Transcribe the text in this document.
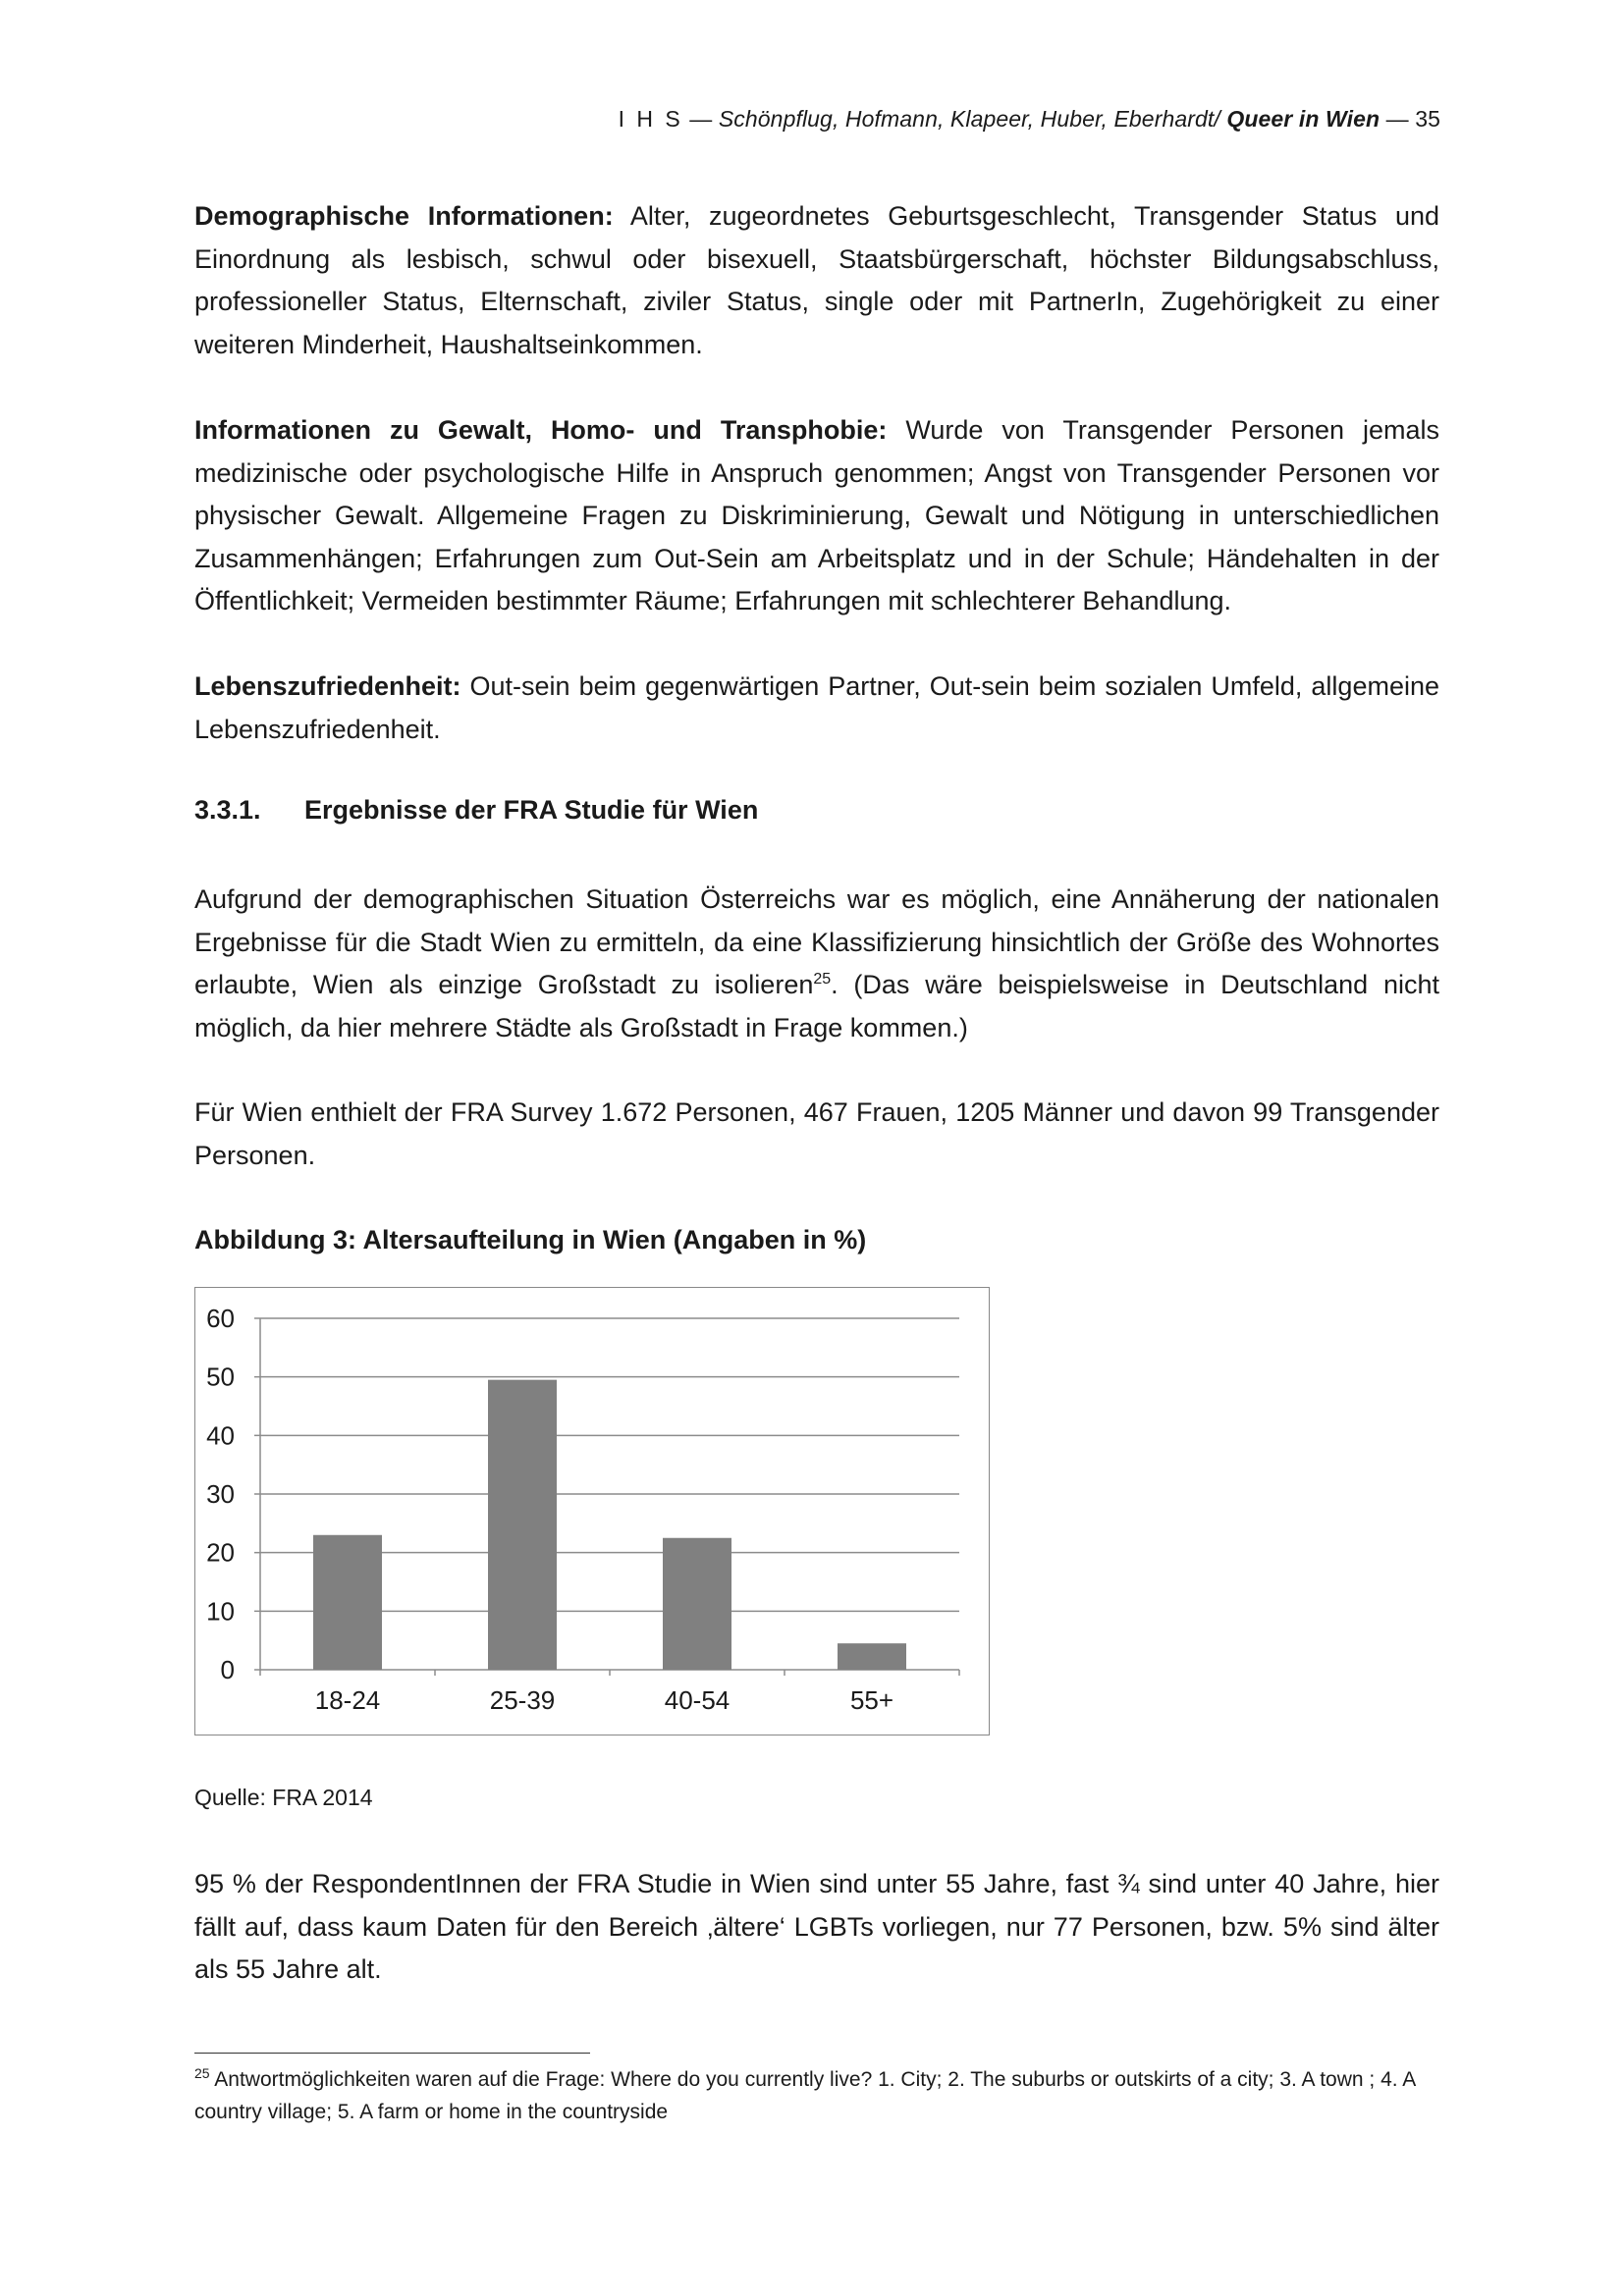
I H S — Schönpflug, Hofmann, Klapeer, Huber, Eberhardt/ Queer in Wien — 35

Demographische Informationen: Alter, zugeordnetes Geburtsgeschlecht, Transgender Status und Einordnung als lesbisch, schwul oder bisexuell, Staatsbürgerschaft, höchster Bildungsabschluss, professioneller Status, Elternschaft, ziviler Status, single oder mit PartnerIn, Zugehörigkeit zu einer weiteren Minderheit, Haushaltseinkommen.

Informationen zu Gewalt, Homo- und Transphobie: Wurde von Transgender Personen jemals medizinische oder psychologische Hilfe in Anspruch genommen; Angst von Transgender Personen vor physischer Gewalt. Allgemeine Fragen zu Diskriminierung, Gewalt und Nötigung in unterschiedlichen Zusammenhängen; Erfahrungen zum Out-Sein am Arbeitsplatz und in der Schule; Händehalten in der Öffentlichkeit; Vermeiden bestimmter Räume; Erfahrungen mit schlechterer Behandlung.

Lebenszufriedenheit: Out-sein beim gegenwärtigen Partner, Out-sein beim sozialen Umfeld, allgemeine Lebenszufriedenheit.

3.3.1. Ergebnisse der FRA Studie für Wien

Aufgrund der demographischen Situation Österreichs war es möglich, eine Annäherung der nationalen Ergebnisse für die Stadt Wien zu ermitteln, da eine Klassifizierung hinsichtlich der Größe des Wohnortes erlaubte, Wien als einzige Großstadt zu isolieren$^{25}$. (Das wäre beispielsweise in Deutschland nicht möglich, da hier mehrere Städte als Großstadt in Frage kommen.)

Für Wien enthielt der FRA Survey 1.672 Personen, 467 Frauen, 1205 Männer und davon 99 Transgender Personen.

Abbildung 3: Altersaufteilung in Wien (Angaben in %)
0
10
20
30
40
50
60
18-24	25-39	40-54	55+
Quelle: FRA 2014

95 % der RespondentInnen der FRA Studie in Wien sind unter 55 Jahre, fast ¾ sind unter 40 Jahre, hier fällt auf, dass kaum Daten für den Bereich ‚ältere‘ LGBTs vorliegen, nur 77 Personen, bzw. 5% sind älter als 55 Jahre alt.

$^{25}$ Antwortmöglichkeiten waren auf die Frage: Where do you currently live? 1. City; 2. The suburbs or outskirts of a city; 3. A town ; 4. A country village; 5. A farm or home in the countryside
